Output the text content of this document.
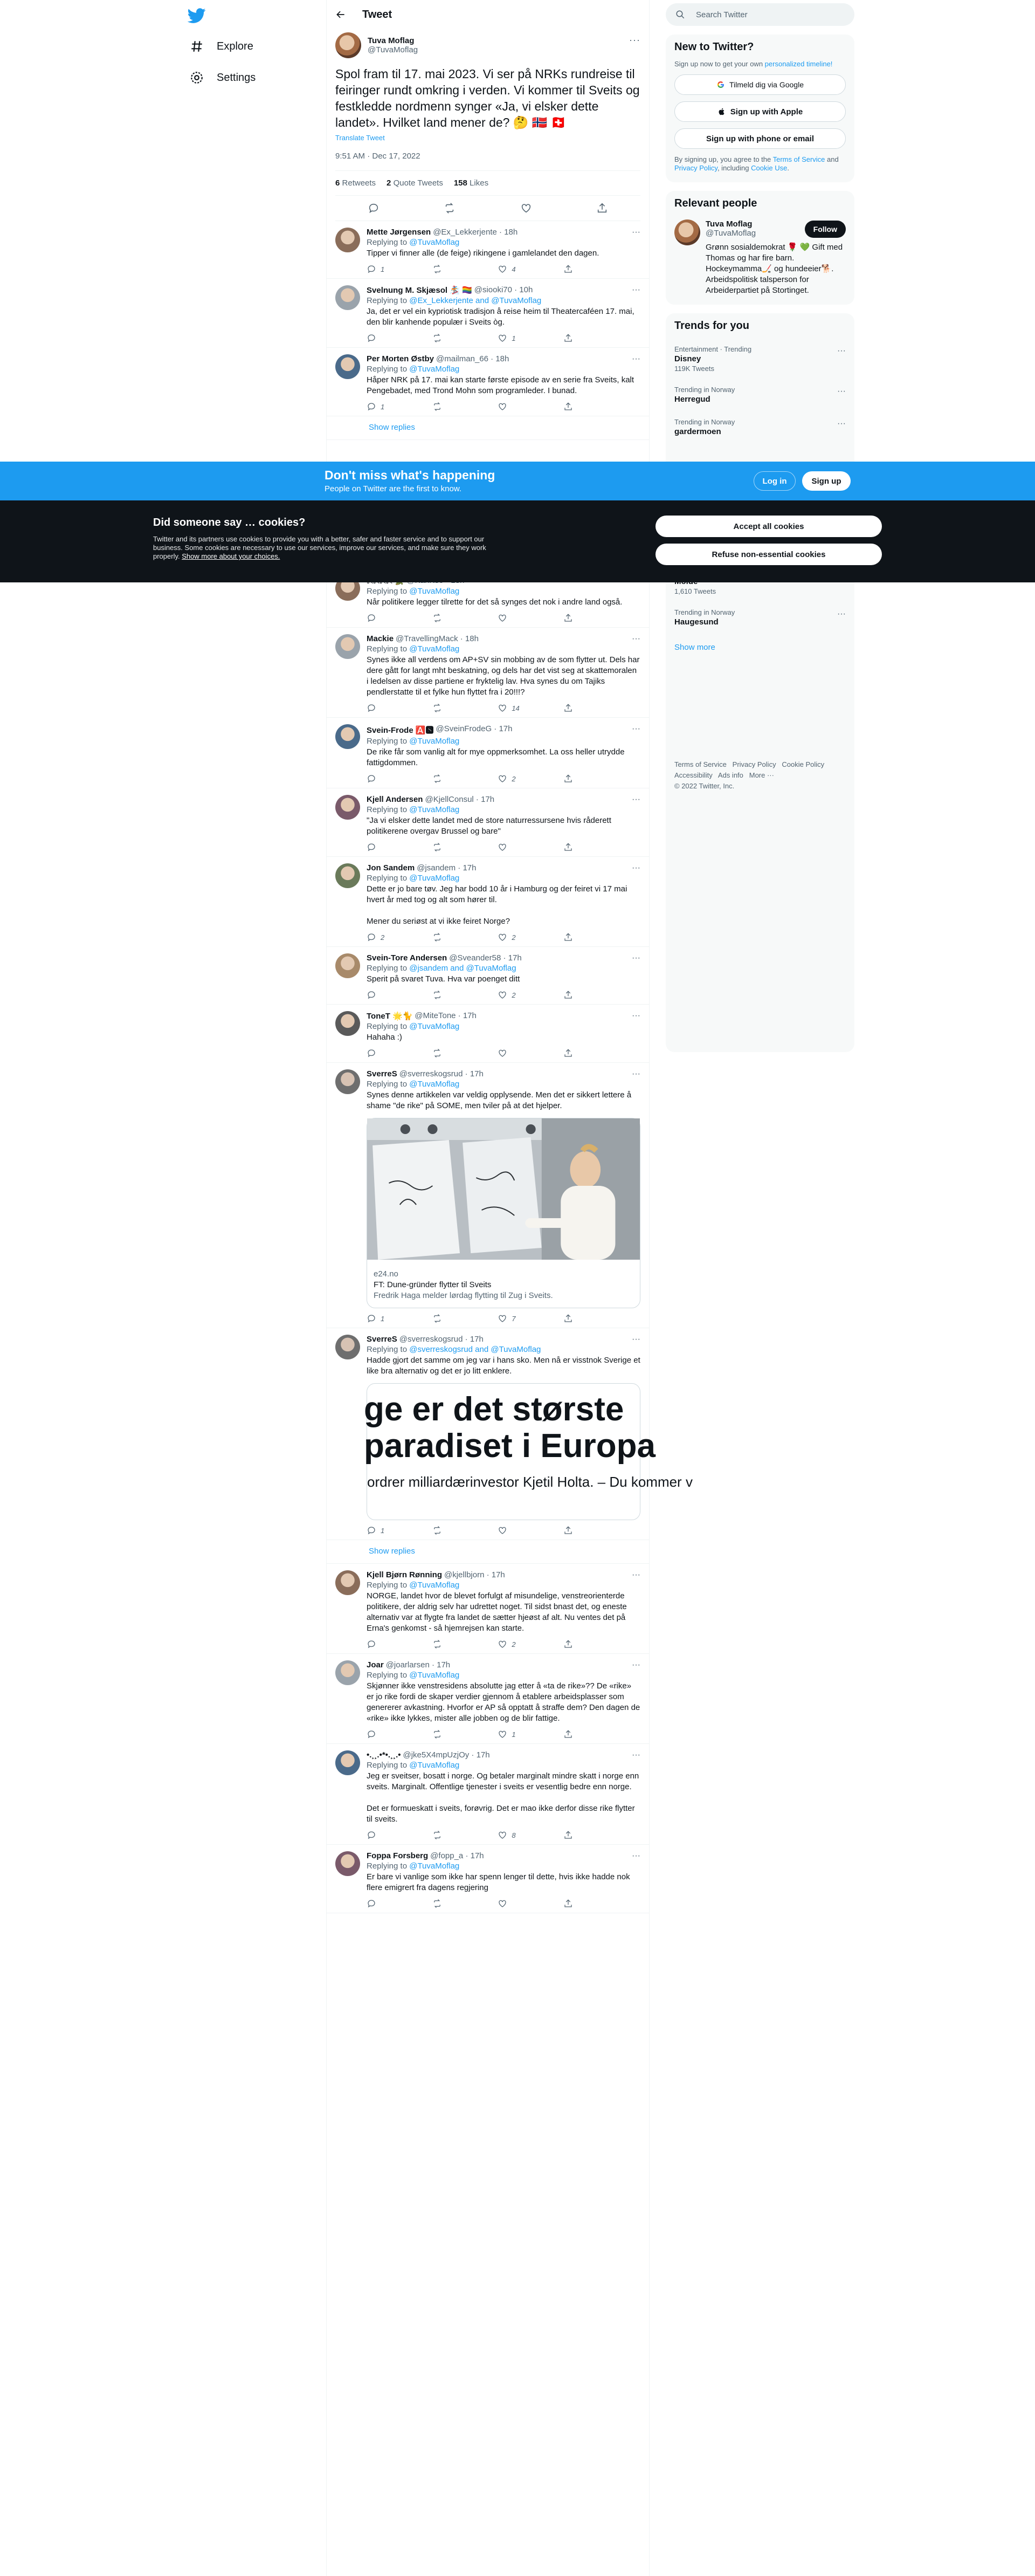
Explore
Settings
Tweet
Tuva Moflag
@TuvaMoflag
···
Spol fram til 17. mai 2023. Vi ser på NRKs rundreise til feiringer rundt omkring i verden. Vi kommer til Sveits og festkledde nordmenn synger «Ja, vi elsker dette landet». Hvilket land mener de? 🤔 🇳🇴 🇨🇭
Translate Tweet
9:51 AM · Dec 17, 2022
6 Retweets 2 Quote Tweets 158 Likes
Mette Jørgensen @Ex_Lekkerjente · 18h
Replying to @TuvaMoflag
Tipper vi finner alle (de feige) rikingene i gamlelandet den dagen.
1	4
···
Svelnung M. Skjæsol 🏂 🏳️‍🌈 @siooki70 · 10h
Replying to @Ex_Lekkerjente and @TuvaMoflag
Ja, det er vel ein kypriotisk tradisjon å reise heim til Theatercaféen 17. mai, den blir kanhende populær i Sveits òg.
1
···
Per Morten Østby @mailman_66 · 18h
Replying to @TuvaMoflag
Håper NRK på 17. mai kan starte første episode av en serie fra Sveits, kalt Pengebadet, med Trond Mohn som programleder. I bunad.
1
···
Show replies
Replying to @TuvaMoflag
Når politikere legger tilrette for det så synges det nok i andre land også.
Mackie @TravellingMack · 18h
Replying to @TuvaMoflag
Synes ikke all verdens om AP+SV sin mobbing av de som flytter ut. Dels har dere gått for langt mht beskatning, og dels har det vist seg at skattemoralen i ledelsen av disse partiene er fryktelig lav. Hva synes du om Tajiks pendlerstatte til et fylke hun flyttet fra i 20!!!?
14
···
Svein-Frode 🅰️🆂 @SveinFrodeG · 17h
Replying to @TuvaMoflag
De rike får som vanlig alt for mye oppmerksomhet. La oss heller utrydde fattigdommen.
2
···
Kjell Andersen @KjellConsul · 17h
Replying to @TuvaMoflag
"Ja vi elsker dette landet med de store naturressursene hvis råderett politikerene overgav Brussel og bare"
···
Jon Sandem @jsandem · 17h
Replying to @TuvaMoflag
Dette er jo bare tøv. Jeg har bodd 10 år i Hamburg og der feiret vi 17 mai hvert år med tog og alt som hører til.

Mener du seriøst at vi ikke feiret Norge?
2	2
···
Svein-Tore Andersen @Sveander58 · 17h
Replying to @jsandem and @TuvaMoflag
Sperit på svaret Tuva. Hva var poenget ditt
2
···
ToneT 🌟🐈 @MiteTone · 17h
Replying to @TuvaMoflag
Hahaha :)
···
SverreS @sverreskogsrud · 17h
Replying to @TuvaMoflag
Synes denne artikkelen var veldig opplysende. Men det er sikkert lettere å shame "de rike" på SOME, men tviler på at det hjelper.
e24.no
FT: Dune-gründer flytter til Sveits
Fredrik Haga melder lørdag flytting til Zug i Sveits.
1	7
···
SverreS @sverreskogsrud · 17h
Replying to @sverreskogsrud and @TuvaMoflag
Hadde gjort det samme om jeg var i hans sko. Men nå er visstnok Sverige et like bra alternativ og det er jo litt enklere.
ge er det største
paradiset i Europa
ordrer milliardærinvestor Kjetil Holta. – Du kommer v
1
···
Show replies
Kjell Bjørn Rønning @kjellbjorn · 17h
Replying to @TuvaMoflag
NORGE, landet hvor de blevet forfulgt af misundelige, venstreorienterde politikere, der aldrig selv har udrettet noget. Til sidst bnast det, og eneste alternativ var at flygte fra landet de sætter hjeøst af alt. Nu ventes det på Erna's genkomst - så hjemrejsen kan starte.
2
···
Joar @joarlarsen · 17h
Replying to @TuvaMoflag
Skjønner ikke venstresidens absolutte jag etter å «ta de rike»?? De «rike» er jo rike fordi de skaper verdier gjennom å etablere arbeidsplasser som genererer avkastning. Hvorfor er AP så opptatt å straffe dem? Den dagen de «rike» ikke lykkes, mister alle jobben og de blir fattige.
1
···
•.¸¸.•*•.¸¸.• @jke5X4mpUzjOy · 17h
Replying to @TuvaMoflag
Jeg er sveitser, bosatt i norge. Og betaler marginalt mindre skatt i norge enn sveits. Marginalt. Offentlige tjenester i sveits er vesentlig bedre enn norge.

Det er formueskatt i sveits, forøvrig. Det er mao ikke derfor disse rike flytter til sveits.
8
···
Foppa Forsberg @fopp_a · 17h
Replying to @TuvaMoflag
Er bare vi vanlige som ikke har spenn lenger til dette, hvis ikke hadde nok flere emigrert fra dagens regjering
···
Search Twitter
New to Twitter?
Sign up now to get your own personalized timeline!
Tilmeld dig via Google
Sign up with Apple
Sign up with phone or email
By signing up, you agree to the Terms of Service and Privacy Policy, including Cookie Use.
Relevant people
Tuva Moflag
@TuvaMoflag	Follow
Grønn sosialdemokrat 🌹 💚 Gift med Thomas og har fire barn. Hockeymamma🏒 og hundeeier🐕. Arbeidspolitisk talsperson for Arbeiderpartiet på Stortinget.
Trends for you
Entertainment · Trending
Disney
119K Tweets
···
Trending in Norway
Herregud
···
Trending in Norway
gardermoen
···
1,610 Tweets
Trending in Norway
Haugesund
···
Show more
Terms of Service Privacy Policy Cookie Policy
Accessibility Ads info More ···
© 2022 Twitter, Inc.
Don't miss what's happening
People on Twitter are the first to know.
Log in	Sign up
Did someone say … cookies?
Twitter and its partners use cookies to provide you with a better, safer and faster service and to support our business. Some cookies are necessary to use our services, improve our services, and make sure they work properly. Show more about your choices.
Accept all cookies
Refuse non-essential cookies
